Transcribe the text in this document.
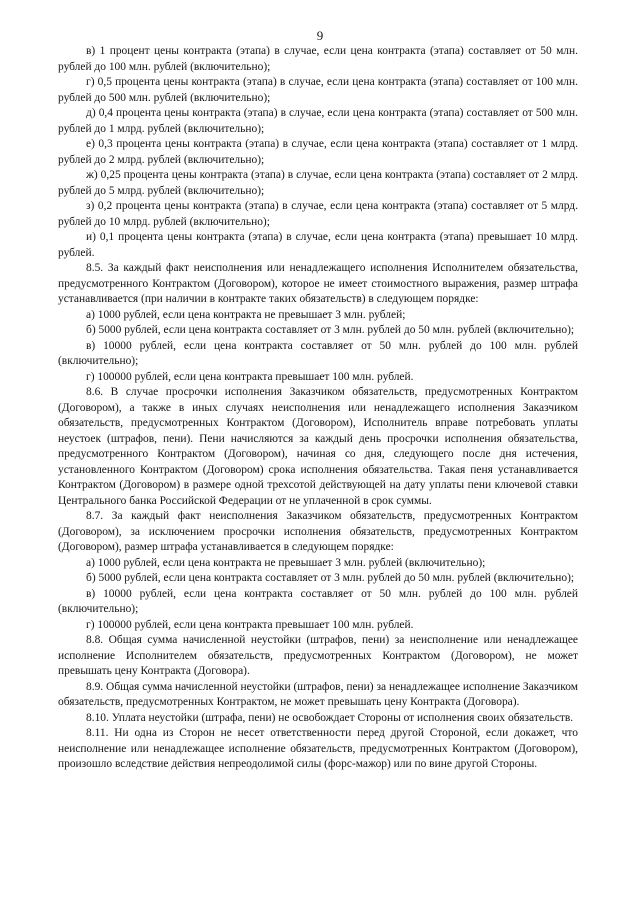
9

в) 1 процент цены контракта (этапа) в случае, если цена контракта (этапа) составляет от 50 млн. рублей до 100 млн. рублей (включительно);

г) 0,5 процента цены контракта (этапа) в случае, если цена контракта (этапа) составляет от 100 млн. рублей до 500 млн. рублей (включительно);

д) 0,4 процента цены контракта (этапа) в случае, если цена контракта (этапа) составляет от 500 млн. рублей до 1 млрд. рублей (включительно);

е) 0,3 процента цены контракта (этапа) в случае, если цена контракта (этапа) составляет от 1 млрд. рублей до 2 млрд. рублей (включительно);

ж) 0,25 процента цены контракта (этапа) в случае, если цена контракта (этапа) составляет от 2 млрд. рублей до 5 млрд. рублей (включительно);

з) 0,2 процента цены контракта (этапа) в случае, если цена контракта (этапа) составляет от 5 млрд. рублей до 10 млрд. рублей (включительно);

и) 0,1 процента цены контракта (этапа) в случае, если цена контракта (этапа) превышает 10 млрд. рублей.

8.5. За каждый факт неисполнения или ненадлежащего исполнения Исполнителем обязательства, предусмотренного Контрактом (Договором), которое не имеет стоимостного выражения, размер штрафа устанавливается (при наличии в контракте таких обязательств) в следующем порядке:

а) 1000 рублей, если цена контракта не превышает 3 млн. рублей;

б) 5000 рублей, если цена контракта составляет от 3 млн. рублей до 50 млн. рублей (включительно);

в) 10000 рублей, если цена контракта составляет от 50 млн. рублей до 100 млн. рублей (включительно);

г) 100000 рублей, если цена контракта превышает 100 млн. рублей.

8.6. В случае просрочки исполнения Заказчиком обязательств, предусмотренных Контрактом (Договором), а также в иных случаях неисполнения или ненадлежащего исполнения Заказчиком обязательств, предусмотренных Контрактом (Договором), Исполнитель вправе потребовать уплаты неустоек (штрафов, пени). Пени начисляются за каждый день просрочки исполнения обязательства, предусмотренного Контрактом (Договором), начиная со дня, следующего после дня истечения, установленного Контрактом (Договором) срока исполнения обязательства. Такая пеня устанавливается Контрактом (Договором) в размере одной трехсотой действующей на дату уплаты пени ключевой ставки Центрального банка Российской Федерации от не уплаченной в срок суммы.

8.7. За каждый факт неисполнения Заказчиком обязательств, предусмотренных Контрактом (Договором), за исключением просрочки исполнения обязательств, предусмотренных Контрактом (Договором), размер штрафа устанавливается в следующем порядке:

а) 1000 рублей, если цена контракта не превышает 3 млн. рублей (включительно);

б) 5000 рублей, если цена контракта составляет от 3 млн. рублей до 50 млн. рублей (включительно);

в) 10000 рублей, если цена контракта составляет от 50 млн. рублей до 100 млн. рублей (включительно);

г) 100000 рублей, если цена контракта превышает 100 млн. рублей.

8.8. Общая сумма начисленной неустойки (штрафов, пени) за неисполнение или ненадлежащее исполнение Исполнителем обязательств, предусмотренных Контрактом (Договором), не может превышать цену Контракта (Договора).

8.9. Общая сумма начисленной неустойки (штрафов, пени) за ненадлежащее исполнение Заказчиком обязательств, предусмотренных Контрактом, не может превышать цену Контракта (Договора).

8.10. Уплата неустойки (штрафа, пени) не освобождает Стороны от исполнения своих обязательств.

8.11. Ни одна из Сторон не несет ответственности перед другой Стороной, если докажет, что неисполнение или ненадлежащее исполнение обязательств, предусмотренных Контрактом (Договором), произошло вследствие действия непреодолимой силы (форс-мажор) или по вине другой Стороны.
